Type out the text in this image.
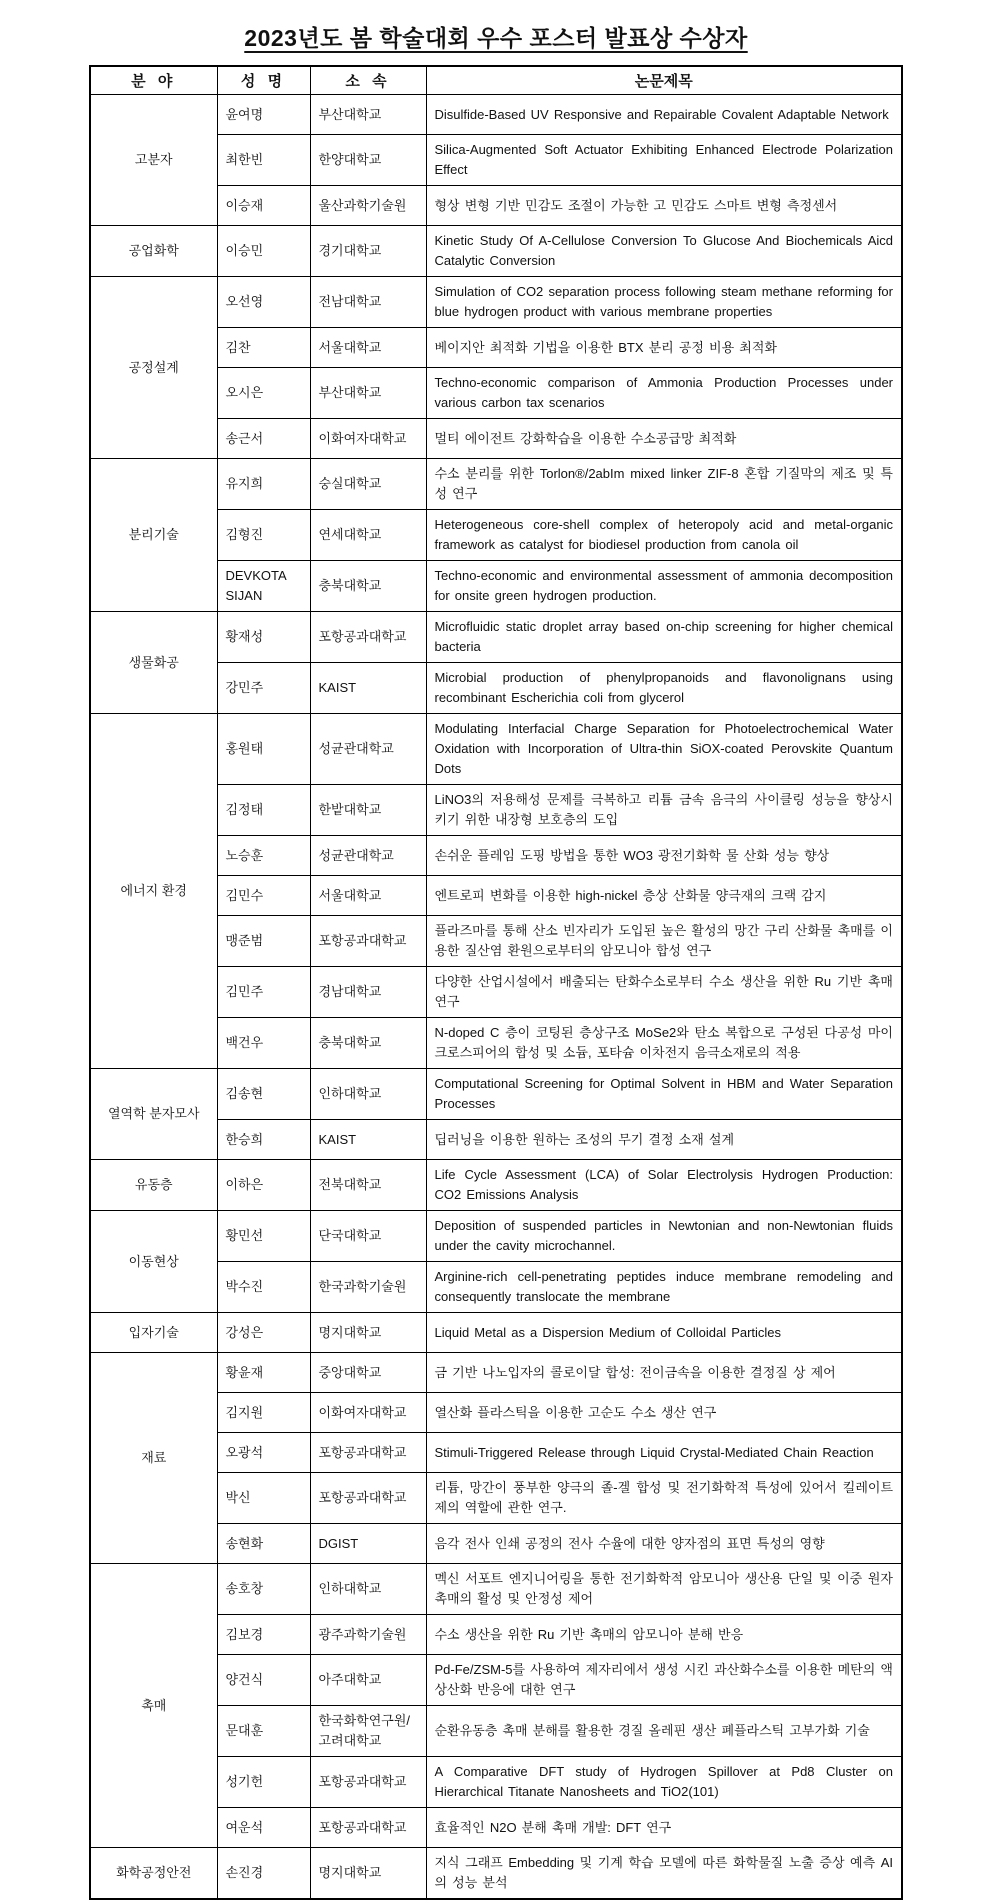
2023년도 봄 학술대회 우수 포스터 발표상 수상자
분 야	성 명	소 속	논문제목
고분자	윤여명	부산대학교	Disulfide-Based UV Responsive and Repairable Covalent Adaptable Network
	최한빈	한양대학교	Silica-Augmented Soft Actuator Exhibiting Enhanced Electrode Polarization Effect
	이승재	울산과학기술원	형상 변형 기반 민감도 조절이 가능한 고 민감도 스마트 변형 측정센서
공업화학	이승민	경기대학교	Kinetic Study Of A-Cellulose Conversion To Glucose And Biochemicals Aicd Catalytic Conversion
공정설계	오선영	전남대학교	Simulation of CO2 separation process following steam methane reforming for blue hydrogen product with various membrane properties
	김찬	서울대학교	베이지안 최적화 기법을 이용한 BTX 분리 공정 비용 최적화
	오시은	부산대학교	Techno-economic comparison of Ammonia Production Processes under various carbon tax scenarios
	송근서	이화여자대학교	멀티 에이전트 강화학습을 이용한 수소공급망 최적화
분리기술	유지희	숭실대학교	수소 분리를 위한 Torlon®/2abIm mixed linker ZIF-8 혼합 기질막의 제조 및 특성 연구
	김형진	연세대학교	Heterogeneous core-shell complex of heteropoly acid and metal-organic framework as catalyst for biodiesel production from canola oil
	DEVKOTA SIJAN	충북대학교	Techno-economic and environmental assessment of ammonia decomposition for onsite green hydrogen production.
생물화공	황재성	포항공과대학교	Microfluidic static droplet array based on-chip screening for higher chemical bacteria
	강민주	KAIST	Microbial production of phenylpropanoids and flavonolignans using recombinant Escherichia coli from glycerol
에너지 환경	홍원태	성균관대학교	Modulating Interfacial Charge Separation for Photoelectrochemical Water Oxidation with Incorporation of Ultra-thin SiOX-coated Perovskite Quantum Dots
	김정태	한밭대학교	LiNO3의 저용해성 문제를 극복하고 리튬 금속 음극의 사이클링 성능을 향상시키기 위한 내장형 보호층의 도입
	노승훈	성균관대학교	손쉬운 플레임 도핑 방법을 통한 WO3 광전기화학 물 산화 성능 향상
	김민수	서울대학교	엔트로피 변화를 이용한 high-nickel 층상 산화물 양극재의 크랙 감지
	맹준범	포항공과대학교	플라즈마를 통해 산소 빈자리가 도입된 높은 활성의 망간 구리 산화물 촉매를 이용한 질산염 환원으로부터의 암모니아 합성 연구
	김민주	경남대학교	다양한 산업시설에서 배출되는 탄화수소로부터 수소 생산을 위한 Ru 기반 촉매 연구
	백건우	충북대학교	N-doped C 층이 코팅된 층상구조 MoSe2와 탄소 복합으로 구성된 다공성 마이크로스피어의 합성 및 소듐, 포타슘 이차전지 음극소재로의 적용
열역학 분자모사	김송현	인하대학교	Computational Screening for Optimal Solvent in HBM and Water Separation Processes
	한승희	KAIST	딥러닝을 이용한 원하는 조성의 무기 결정 소재 설계
유동층	이하은	전북대학교	Life Cycle Assessment (LCA) of Solar Electrolysis Hydrogen Production: CO2 Emissions Analysis
이동현상	황민선	단국대학교	Deposition of suspended particles in Newtonian and non-Newtonian fluids under the cavity microchannel.
	박수진	한국과학기술원	Arginine-rich cell-penetrating peptides induce membrane remodeling and consequently translocate the membrane
입자기술	강성은	명지대학교	Liquid Metal as a Dispersion Medium of Colloidal Particles
재료	황윤재	중앙대학교	금 기반 나노입자의 콜로이달 합성: 전이금속을 이용한 결정질 상 제어
	김지원	이화여자대학교	열산화 플라스틱을 이용한 고순도 수소 생산 연구
	오광석	포항공과대학교	Stimuli-Triggered Release through Liquid Crystal-Mediated Chain Reaction
	박신	포항공과대학교	리튬, 망간이 풍부한 양극의 졸-겔 합성 및 전기화학적 특성에 있어서 킬레이트제의 역할에 관한 연구.
	송현화	DGIST	음각 전사 인쇄 공정의 전사 수율에 대한 양자점의 표면 특성의 영향
촉매	송호창	인하대학교	멕신 서포트 엔지니어링을 통한 전기화학적 암모니아 생산용 단일 및 이중 원자 촉매의 활성 및 안정성 제어
	김보경	광주과학기술원	수소 생산을 위한 Ru 기반 촉매의 암모니아 분해 반응
	양건식	아주대학교	Pd-Fe/ZSM-5를 사용하여 제자리에서 생성 시킨 과산화수소를 이용한 메탄의 액상산화 반응에 대한 연구
	문대훈	한국화학연구원/고려대학교	순환유동층 촉매 분해를 활용한 경질 올레핀 생산 폐플라스틱 고부가화 기술
	성기헌	포항공과대학교	A Comparative DFT study of Hydrogen Spillover at Pd8 Cluster on Hierarchical Titanate Nanosheets and TiO2(101)
	여운석	포항공과대학교	효율적인 N2O 분해 촉매 개발: DFT 연구
화학공정안전	손진경	명지대학교	지식 그래프 Embedding 및 기계 학습 모델에 따른 화학물질 노출 증상 예측 AI의 성능 분석
